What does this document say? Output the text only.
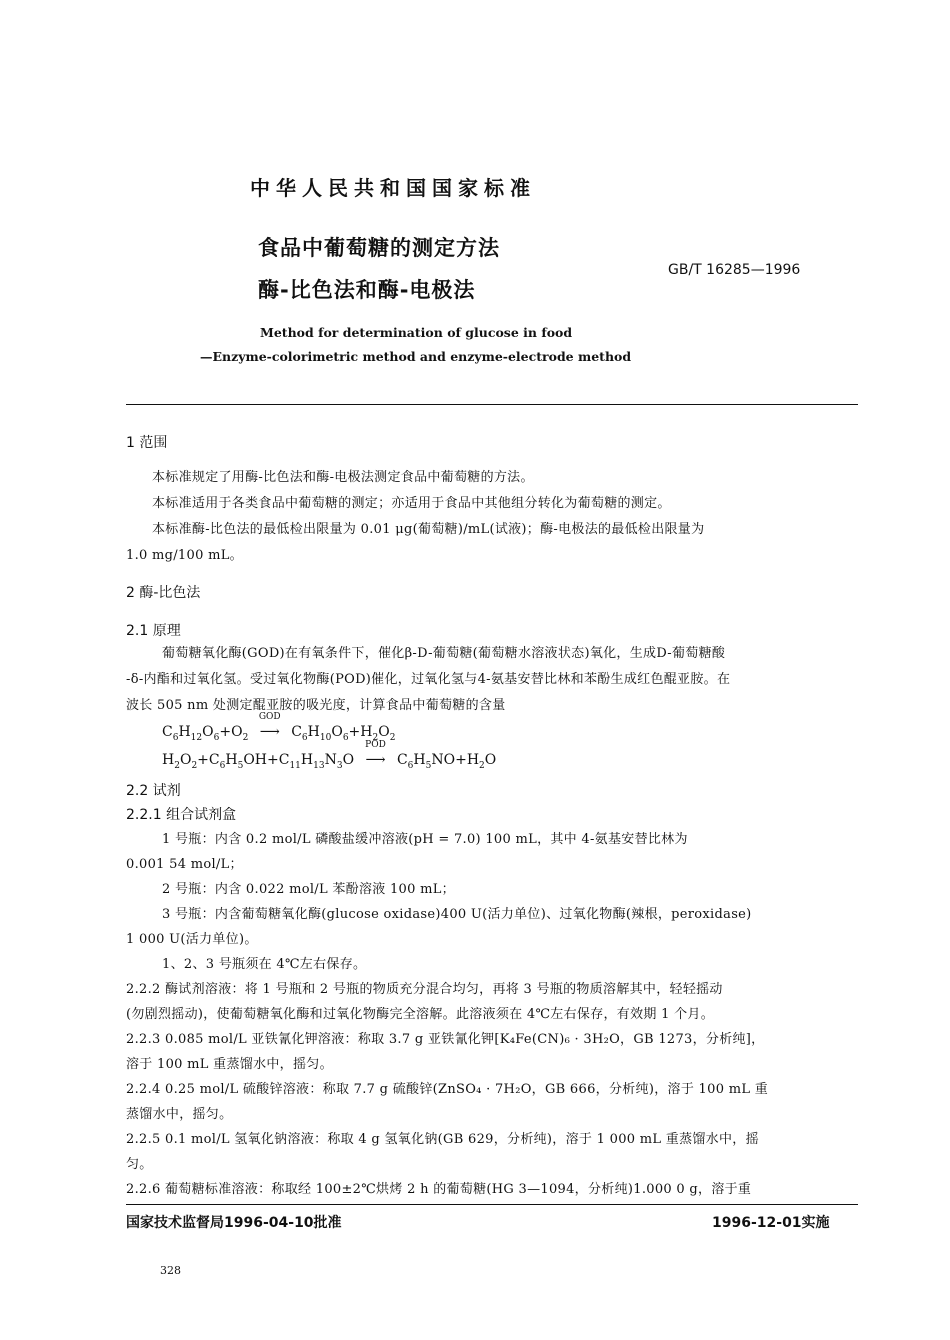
中华人民共和国国家标准
食品中葡萄糖的测定方法
酶-比色法和酶-电极法
GB/T 16285—1996
Method for determination of glucose in food
—Enzyme-colorimetric method and enzyme-electrode method
1 范围
本标准规定了用酶-比色法和酶-电极法测定食品中葡萄糖的方法。
本标准适用于各类食品中葡萄糖的测定；亦适用于食品中其他组分转化为葡萄糖的测定。
本标准酶-比色法的最低检出限量为 0.01 μg(葡萄糖)/mL(试液)；酶-电极法的最低检出限量为
1.0 mg/100 mL。
2 酶-比色法
2.1 原理
葡萄糖氧化酶(GOD)在有氧条件下，催化β-D-葡萄糖(葡萄糖水溶液状态)氧化，生成D-葡萄糖酸
-δ-内酯和过氧化氢。受过氧化物酶(POD)催化，过氧化氢与4-氨基安替比林和苯酚生成红色醌亚胺。在
波长 505 nm 处测定醌亚胺的吸光度，计算食品中葡萄糖的含量
$C_6H_{12}O_6+O_2$
GOD
⟶ $C_6H_{10}O_6+H_2O_2$
$H_2O_2+C_6H_5OH+C_{11}H_{13}N_3O$
POD
⟶ $C_6H_5NO+H_2O$
2.2 试剂
2.2.1 组合试剂盒
1 号瓶：内含 0.2 mol/L 磷酸盐缓冲溶液(pH = 7.0) 100 mL，其中 4-氨基安替比林为
0.001 54 mol/L；
2 号瓶：内含 0.022 mol/L 苯酚溶液 100 mL；
3 号瓶：内含葡萄糖氧化酶(glucose oxidase)400 U(活力单位)、过氧化物酶(辣根，peroxidase)
1 000 U(活力单位)。
1、2、3 号瓶须在 4℃左右保存。
2.2.2 酶试剂溶液：将 1 号瓶和 2 号瓶的物质充分混合均匀，再将 3 号瓶的物质溶解其中，轻轻摇动
(勿剧烈摇动)，使葡萄糖氧化酶和过氧化物酶完全溶解。此溶液须在 4℃左右保存，有效期 1 个月。
2.2.3 0.085 mol/L 亚铁氰化钾溶液：称取 3.7 g 亚铁氰化钾[K₄Fe(CN)₆ · 3H₂O，GB 1273，分析纯]，
溶于 100 mL 重蒸馏水中，摇匀。
2.2.4 0.25 mol/L 硫酸锌溶液：称取 7.7 g 硫酸锌(ZnSO₄ · 7H₂O，GB 666，分析纯)，溶于 100 mL 重
蒸馏水中，摇匀。
2.2.5 0.1 mol/L 氢氧化钠溶液：称取 4 g 氢氧化钠(GB 629，分析纯)，溶于 1 000 mL 重蒸馏水中，摇
匀。
2.2.6 葡萄糖标准溶液：称取经 100±2℃烘烤 2 h 的葡萄糖(HG 3—1094，分析纯)1.000 0 g，溶于重
国家技术监督局1996-04-10批准	1996-12-01实施
328
